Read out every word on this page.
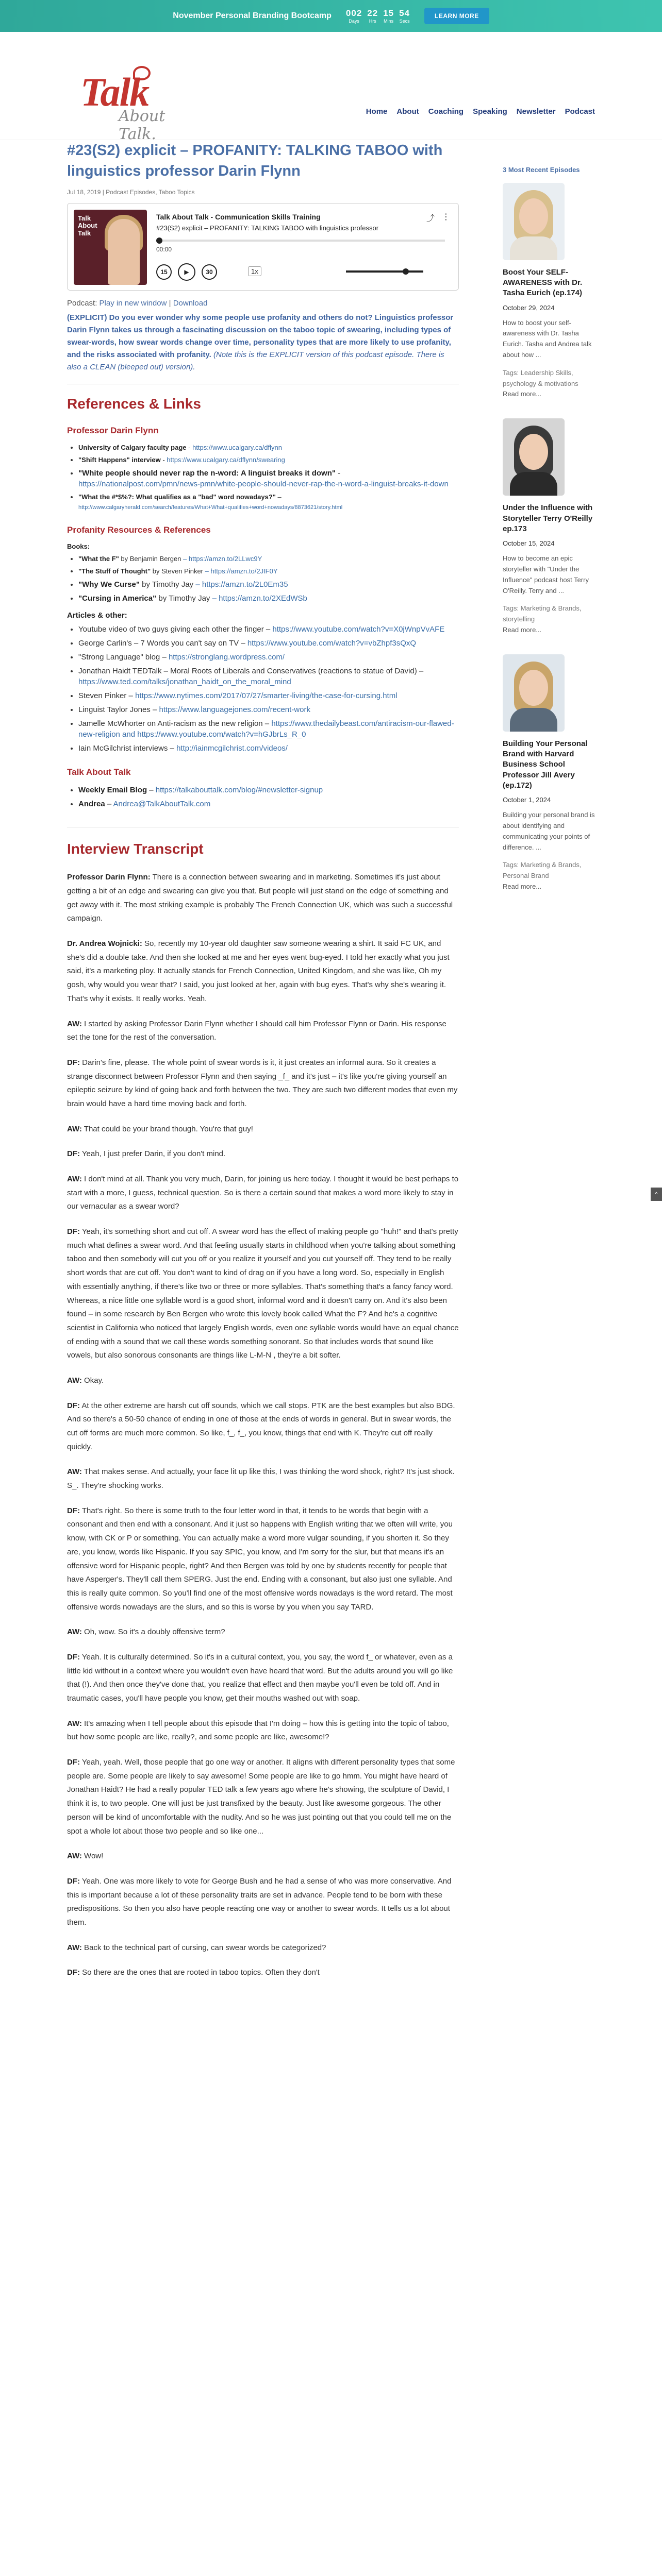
November Personal Branding Bootcamp 002
Days
22
Hrs
15
Mins
54
Secs
LEARN MORE
Talk
About Talk.
Home About Coaching Speaking Newsletter Podcast
#23(S2) explicit – PROFANITY: TALKING TABOO with linguistics professor Darin Flynn
Jul 18, 2019 | Podcast Episodes, Taboo Topics
Talk About Talk
Talk About Talk - Communication Skills Training
#23(S2) explicit – PROFANITY: TALKING TABOO with linguistics professor
⤴ ⋮
00:00
15	▶	30	1x
Podcast: Play in new window | Download

(EXPLICIT) Do you ever wonder why some people use profanity and others do not? Linguistics professor Darin Flynn takes us through a fascinating discussion on the taboo topic of swearing, including types of swear-words, how swear words change over time, personality types that are more likely to use profanity, and the risks associated with profanity. (Note this is the EXPLICIT version of this podcast episode. There is also a CLEAN (bleeped out) version).

References & Links
Professor Darin Flynn
• University of Calgary faculty page - https://www.ucalgary.ca/dflynn
• "Shift Happens" interview - https://www.ucalgary.ca/dflynn/swearing
• "White people should never rap the n-word: A linguist breaks it down" - https://nationalpost.com/pmn/news-pmn/white-people-should-never-rap-the-n-word-a-linguist-breaks-it-down
• "What the #*$%?: What qualifies as a "bad" word nowadays?" – http://www.calgaryherald.com/search/features/What+What+qualifies+word+nowadays/8873621/story.html
Profanity Resources & References
Books:
• "What the F" by Benjamin Bergen – https://amzn.to/2LLwc9Y
• "The Stuff of Thought" by Steven Pinker – https://amzn.to/2JIF0Y
• "Why We Curse" by Timothy Jay – https://amzn.to/2L0Em35
• "Cursing in America" by Timothy Jay – https://amzn.to/2XEdWSb
Articles & other:
• Youtube video of two guys giving each other the finger – https://www.youtube.com/watch?v=X0jWnpVvAFE
• George Carlin's – 7 Words you can't say on TV – https://www.youtube.com/watch?v=vbZhpf3sQxQ
• "Strong Language" blog – https://stronglang.wordpress.com/
• Jonathan Haidt TEDTalk – Moral Roots of Liberals and Conservatives (reactions to statue of David) – https://www.ted.com/talks/jonathan_haidt_on_the_moral_mind
• Steven Pinker – https://www.nytimes.com/2017/07/27/smarter-living/the-case-for-cursing.html
• Linguist Taylor Jones – https://www.languagejones.com/recent-work
• Jamelle McWhorter on Anti-racism as the new religion – https://www.thedailybeast.com/antiracism-our-flawed-new-religion and https://www.youtube.com/watch?v=hGJbrLs_R_0
• Iain McGilchrist interviews – http://iainmcgilchrist.com/videos/
Talk About Talk
• Weekly Email Blog – https://talkabouttalk.com/blog/#newsletter-signup
• Andrea – Andrea@TalkAboutTalk.com
Interview Transcript

Professor Darin Flynn: There is a connection between swearing and in marketing. Sometimes it's just about getting a bit of an edge and swearing can give you that. But people will just stand on the edge of something and get away with it. The most striking example is probably The French Connection UK, which was such a successful campaign.

Dr. Andrea Wojnicki: So, recently my 10-year old daughter saw someone wearing a shirt. It said FC UK, and she's did a double take. And then she looked at me and her eyes went bug-eyed. I told her exactly what you just said, it's a marketing ploy. It actually stands for French Connection, United Kingdom, and she was like, Oh my gosh, why would you wear that? I said, you just looked at her, again with bug eyes. That's why she's wearing it. That's why it exists. It really works. Yeah.

AW: I started by asking Professor Darin Flynn whether I should call him Professor Flynn or Darin. His response set the tone for the rest of the conversation.

DF: Darin's fine, please. The whole point of swear words is it, it just creates an informal aura. So it creates a strange disconnect between Professor Flynn and then saying _f_ and it's just – it's like you're giving yourself an epileptic seizure by kind of going back and forth between the two. They are such two different modes that even my brain would have a hard time moving back and forth.

AW: That could be your brand though. You're that guy!

DF: Yeah, I just prefer Darin, if you don't mind.

AW: I don't mind at all. Thank you very much, Darin, for joining us here today. I thought it would be best perhaps to start with a more, I guess, technical question. So is there a certain sound that makes a word more likely to stay in our vernacular as a swear word?

DF: Yeah, it's something short and cut off. A swear word has the effect of making people go "huh!" and that's pretty much what defines a swear word. And that feeling usually starts in childhood when you're talking about something taboo and then somebody will cut you off or you realize it yourself and you cut yourself off. They tend to be really short words that are cut off. You don't want to kind of drag on if you have a long word. So, especially in English with essentially anything, if there's like two or three or more syllables. That's something that's a fancy fancy word. Whereas, a nice little one syllable word is a good short, informal word and it doesn't carry on. And it's also been found – in some research by Ben Bergen who wrote this lovely book called What the F? And he's a cognitive scientist in California who noticed that largely English words, even one syllable words would have an equal chance of ending with a sound that we call these words something sonorant. So that includes words that sound like vowels, but also sonorous consonants are things like L-M-N , they're a bit softer.

AW: Okay.

DF: At the other extreme are harsh cut off sounds, which we call stops. PTK are the best examples but also BDG. And so there's a 50-50 chance of ending in one of those at the ends of words in general. But in swear words, the cut off forms are much more common. So like, f_, f_, you know, things that end with K. They're cut off really quickly.

AW: That makes sense. And actually, your face lit up like this, I was thinking the word shock, right? It's just shock. S_. They're shocking works.

DF: That's right. So there is some truth to the four letter word in that, it tends to be words that begin with a consonant and then end with a consonant. And it just so happens with English writing that we often will write, you know, with CK or P or something. You can actually make a word more vulgar sounding, if you shorten it. So they are, you know, words like Hispanic. If you say SPIC, you know, and I'm sorry for the slur, but that means it's an offensive word for Hispanic people, right? And then Bergen was told by one by students recently for people that have Asperger's. They'll call them SPERG. Just the end. Ending with a consonant, but also just one syllable. And this is really quite common. So you'll find one of the most offensive words nowadays is the word retard. The most offensive words nowadays are the slurs, and so this is worse by you when you say TARD.

AW: Oh, wow. So it's a doubly offensive term?

DF: Yeah. It is culturally determined. So it's in a cultural context, you, you say, the word f_ or whatever, even as a little kid without in a context where you wouldn't even have heard that word. But the adults around you will go like that (!). And then once they've done that, you realize that effect and then maybe you'll even be told off. And in traumatic cases, you'll have people you know, get their mouths washed out with soap.

AW: It's amazing when I tell people about this episode that I'm doing – how this is getting into the topic of taboo, but how some people are like, really?, and some people are like, awesome!?

DF: Yeah, yeah. Well, those people that go one way or another. It aligns with different personality types that some people are. Some people are likely to say awesome! Some people are like to go hmm. You might have heard of Jonathan Haidt? He had a really popular TED talk a few years ago where he's showing, the sculpture of David, I think it is, to two people. One will just be just transfixed by the beauty. Just like awesome gorgeous. The other person will be kind of uncomfortable with the nudity. And so he was just pointing out that you could tell me on the spot a whole lot about those two people and so like one...

AW: Wow!

DF: Yeah. One was more likely to vote for George Bush and he had a sense of who was more conservative. And this is important because a lot of these personality traits are set in advance. People tend to be born with these predispositions. So then you also have people reacting one way or another to swear words. It tells us a lot about them.

AW: Back to the technical part of cursing, can swear words be categorized?

DF: So there are the ones that are rooted in taboo topics. Often they don't

3 Most Recent Episodes
Boost Your SELF-AWARENESS with Dr. Tasha Eurich (ep.174)
October 29, 2024
How to boost your self-awareness with Dr. Tasha Eurich. Tasha and Andrea talk about how ...
Tags: Leadership Skills, psychology & motivations
Read more...
Under the Influence with Storyteller Terry O'Reilly ep.173
October 15, 2024
How to become an epic storyteller with "Under the Influence" podcast host Terry O'Reilly. Terry and ...
Tags: Marketing & Brands, storytelling
Read more...
Building Your Personal Brand with Harvard Business School Professor Jill Avery (ep.172)
October 1, 2024
Building your personal brand is about identifying and communicating your points of difference. ...
Tags: Marketing & Brands, Personal Brand
Read more...
^
